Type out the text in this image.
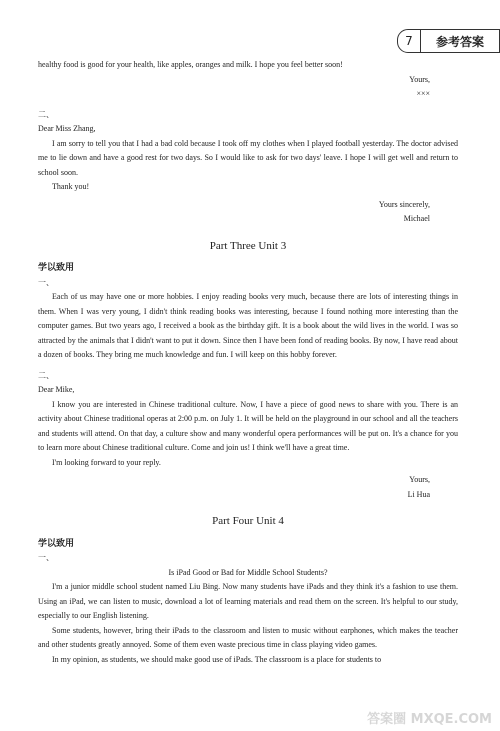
7	参考答案

healthy food is good for your health, like apples, oranges and milk. I hope you feel better soon!

Yours,

×××

二、

Dear Miss Zhang,

I am sorry to tell you that I had a bad cold because I took off my clothes when I played football yesterday. The doctor advised me to lie down and have a good rest for two days. So I would like to ask for two days' leave. I hope I will get well and return to school soon.

Thank you!

Yours sincerely,

Michael

Part Three Unit 3

学以致用

一、

Each of us may have one or more hobbies. I enjoy reading books very much, because there are lots of interesting things in them. When I was very young, I didn't think reading books was interesting, because I found nothing more interesting than the computer games. But two years ago, I received a book as the birthday gift. It is a book about the wild lives in the world. I was so attracted by the animals that I didn't want to put it down. Since then I have been fond of reading books. By now, I have read about a dozen of books. They bring me much knowledge and fun. I will keep on this hobby forever.

二、

Dear Mike,

I know you are interested in Chinese traditional culture. Now, I have a piece of good news to share with you. There is an activity about Chinese traditional operas at 2:00 p.m. on July 1. It will be held on the playground in our school and all the teachers and students will attend. On that day, a culture show and many wonderful opera performances will be put on. It's a chance for you to learn more about Chinese traditional culture. Come and join us! I think we'll have a great time.

I'm looking forward to your reply.

Yours,

Li Hua

Part Four Unit 4

学以致用

一、

Is iPad Good or Bad for Middle School Students?

I'm a junior middle school student named Liu Bing. Now many students have iPads and they think it's a fashion to use them. Using an iPad, we can listen to music, download a lot of learning materials and read them on the screen. It's helpful to our study, especially to our English listening.

Some students, however, bring their iPads to the classroom and listen to music without earphones, which makes the teacher and other students greatly annoyed. Some of them even waste precious time in class playing video games.

In my opinion, as students, we should make good use of iPads. The classroom is a place for students to

答案圈 MXQE.COM
